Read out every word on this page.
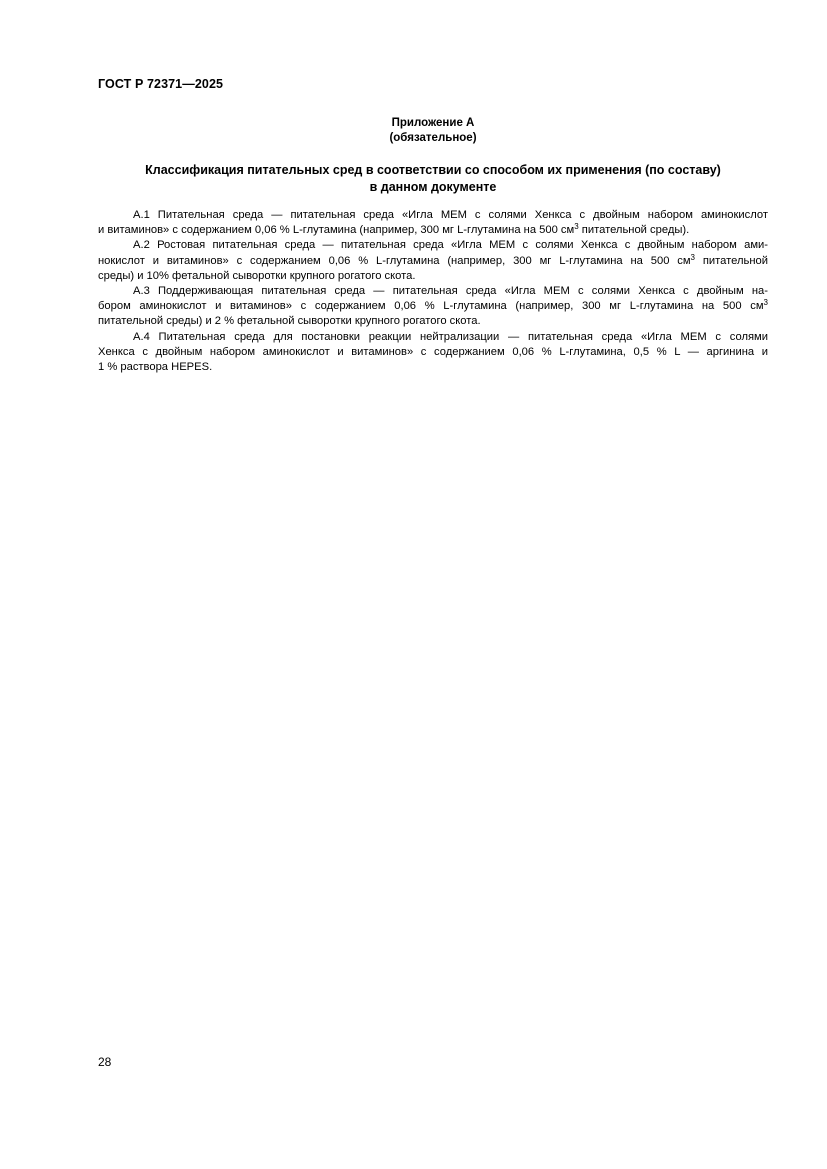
ГОСТ Р 72371—2025
Приложение А
(обязательное)
Классификация питательных сред в соответствии со способом их применения (по составу)
в данном документе
А.1 Питательная среда — питательная среда «Игла МЕМ с солями Хенкса с двойным набором аминокислот
и витаминов» с содержанием 0,06 % L-глутамина (например, 300 мг L-глутамина на 500 $см^3$ питательной среды).
А.2 Ростовая питательная среда — питательная среда «Игла МЕМ с солями Хенкса с двойным набором ами-
нокислот и витаминов» с содержанием 0,06 % L-глутамина (например, 300 мг L-глутамина на 500 $см^3$ питательной
среды) и 10% фетальной сыворотки крупного рогатого скота.
А.3 Поддерживающая питательная среда — питательная среда «Игла МЕМ с солями Хенкса с двойным на-
бором аминокислот и витаминов» с содержанием 0,06 % L-глутамина (например, 300 мг L-глутамина на 500 $см^3$
питательной среды) и 2 % фетальной сыворотки крупного рогатого скота.
А.4 Питательная среда для постановки реакции нейтрализации — питательная среда «Игла МЕМ с солями
Хенкса с двойным набором аминокислот и витаминов» с содержанием 0,06 % L-глутамина, 0,5 % L — аргинина и
1 % раствора HEPES.
28
